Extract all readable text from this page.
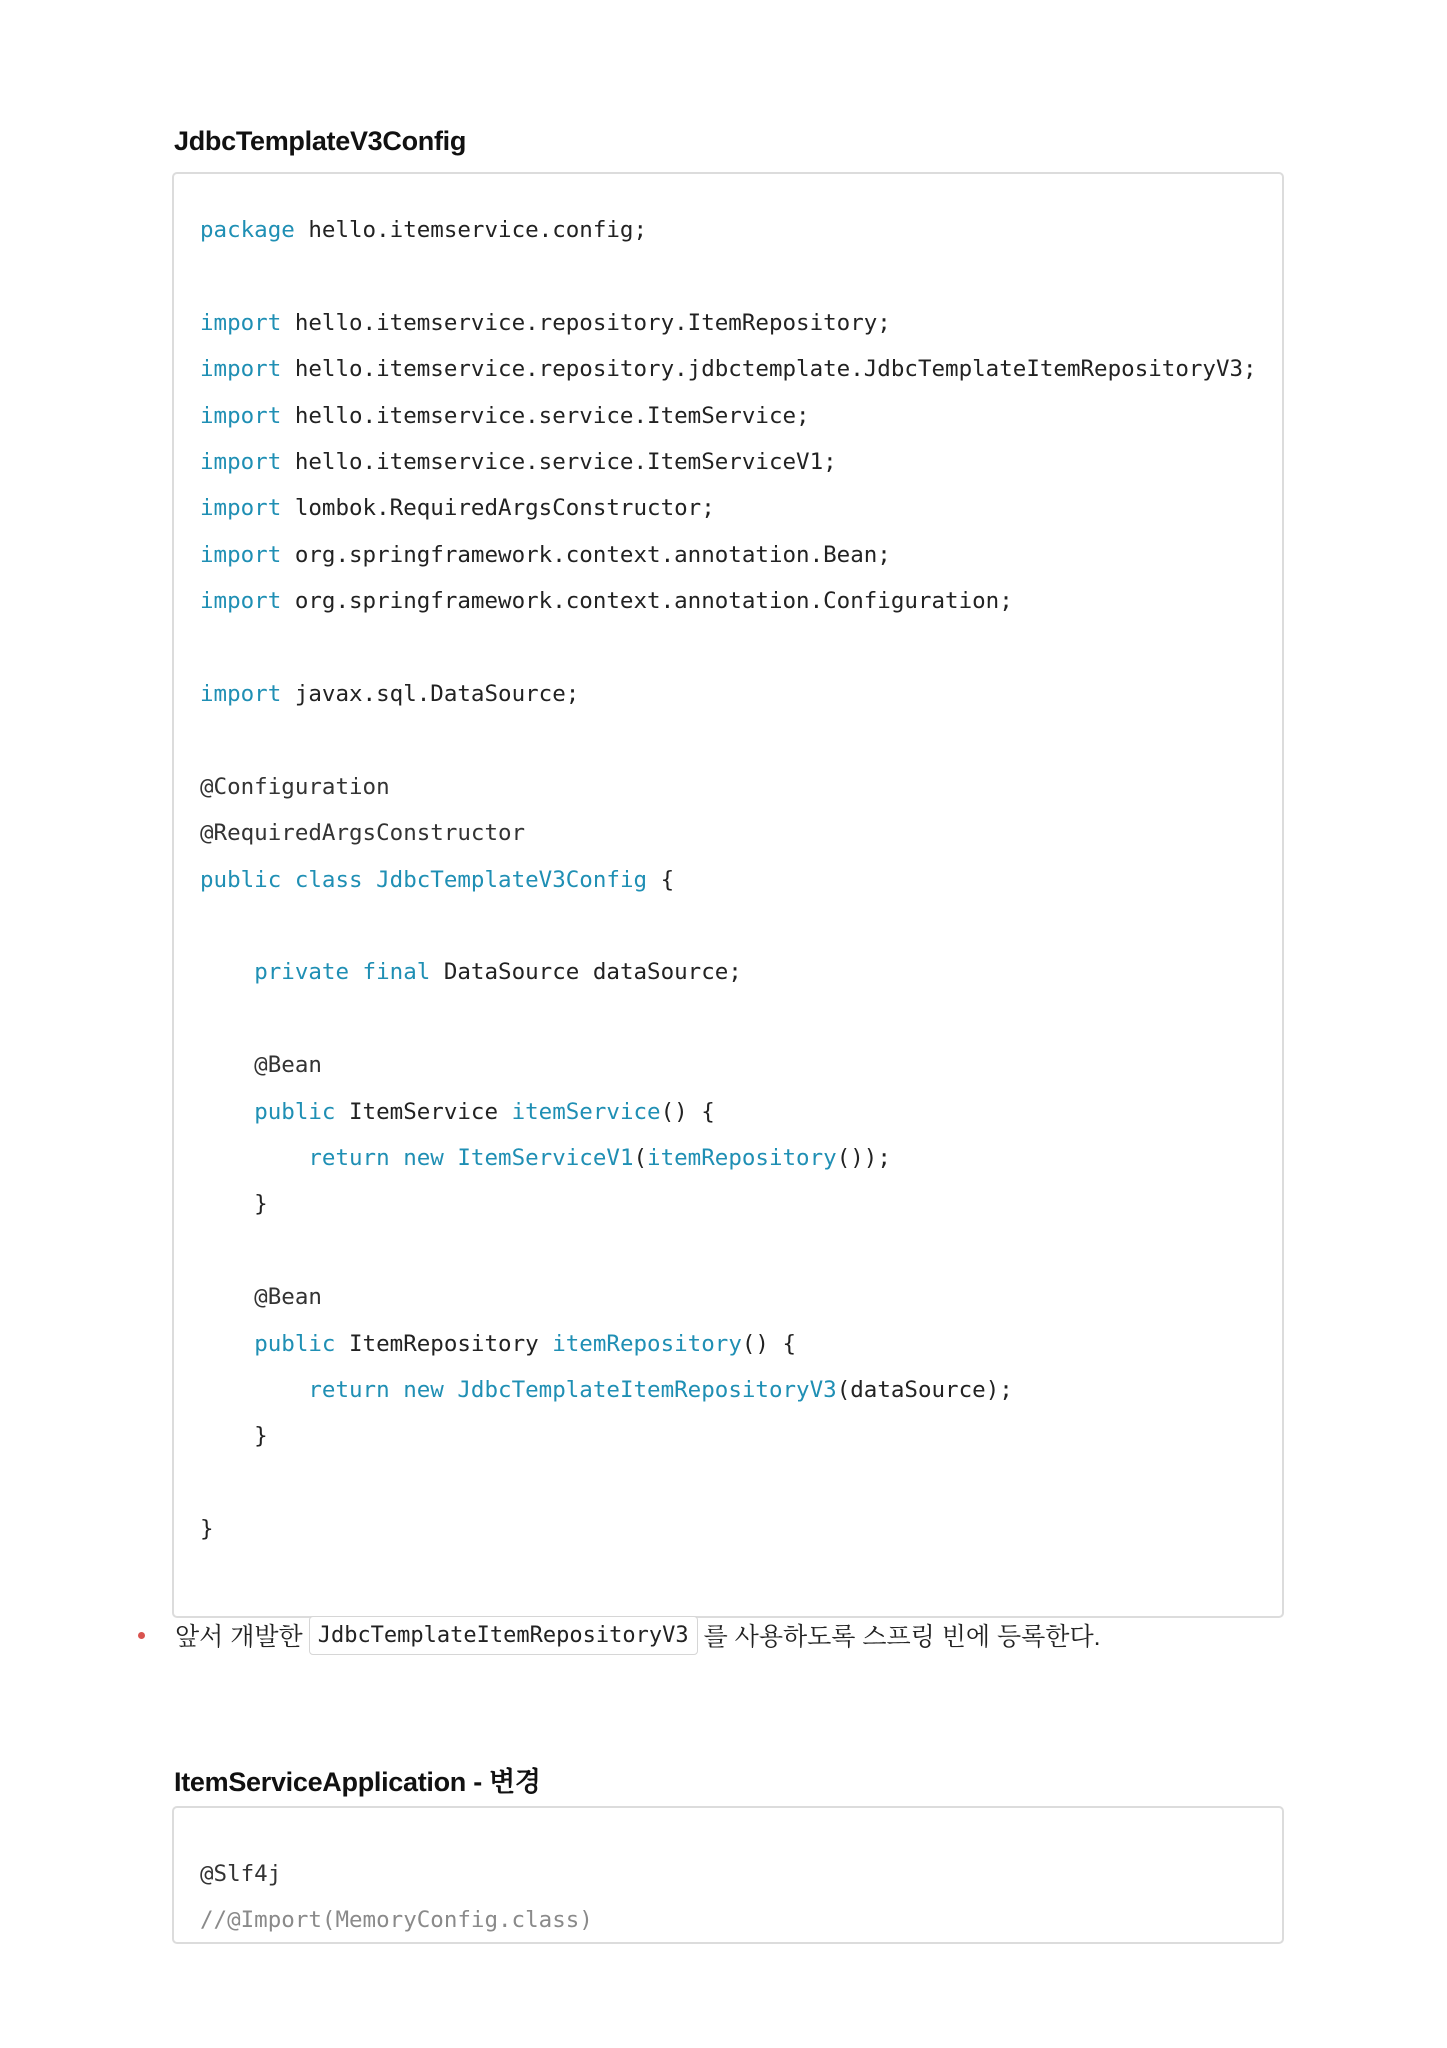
JdbcTemplateV3Config
package hello.itemservice.config;
import hello.itemservice.repository.ItemRepository;
import hello.itemservice.repository.jdbctemplate.JdbcTemplateItemRepositoryV3;
import hello.itemservice.service.ItemService;
import hello.itemservice.service.ItemServiceV1;
import lombok.RequiredArgsConstructor;
import org.springframework.context.annotation.Bean;
import org.springframework.context.annotation.Configuration;
import javax.sql.DataSource;
@Configuration
@RequiredArgsConstructor
public class JdbcTemplateV3Config {
private final DataSource dataSource;
@Bean
public ItemService itemService() {
return new ItemServiceV1(itemRepository());
}
@Bean
public ItemRepository itemRepository() {
return new JdbcTemplateItemRepositoryV3(dataSource);
}
}
앞서 개발한 JdbcTemplateItemRepositoryV3 를 사용하도록 스프링 빈에 등록한다.
ItemServiceApplication - 변경
@Slf4j
//@Import(MemoryConfig.class)
